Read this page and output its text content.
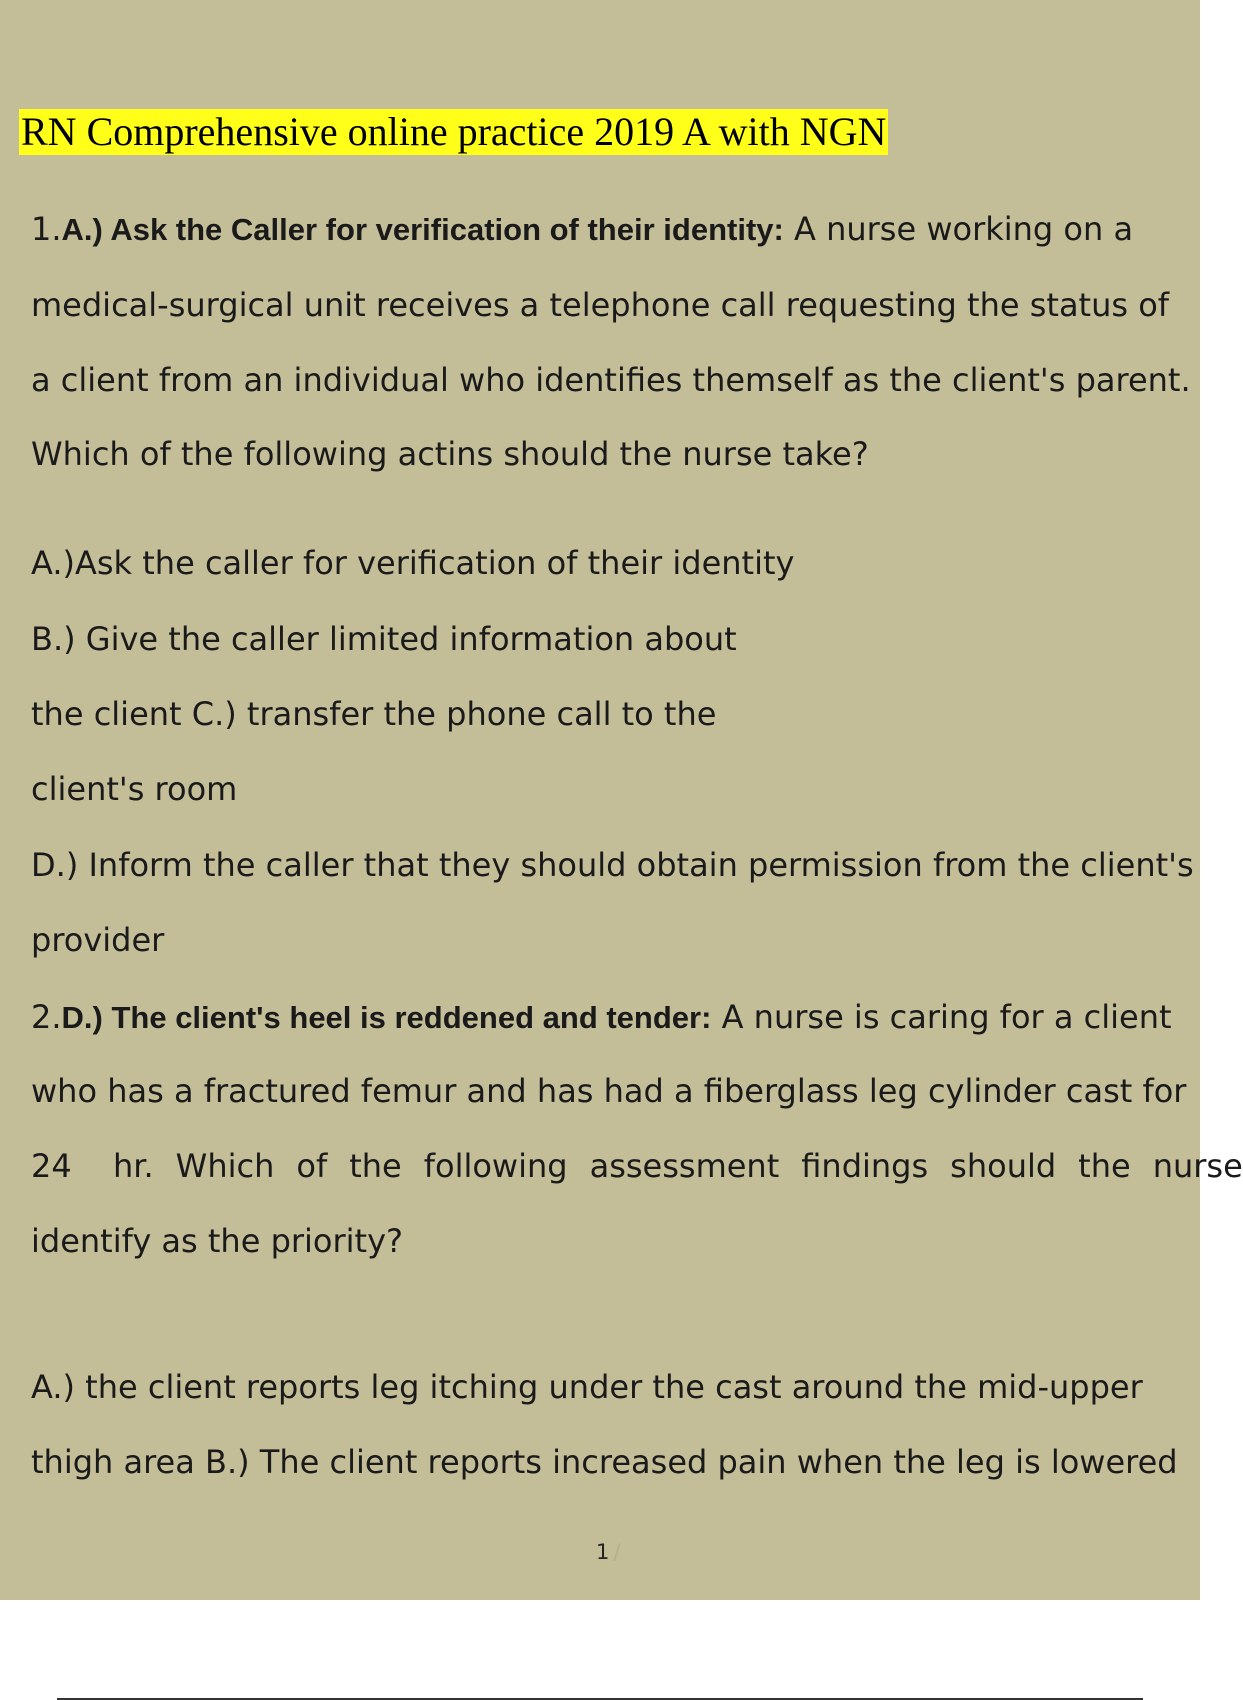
RN Comprehensive online practice 2019 A with NGN
1.A.) Ask the Caller for verification of their identity: A nurse working on a
medical-surgical unit receives a telephone call requesting the status of
a client from an individual who identifies themself as the client's parent.
Which of the following actins should the nurse take?
A.)Ask the caller for verification of their identity
B.) Give the caller limited information about
the client C.) transfer the phone call to the
client's room
D.) Inform the caller that they should obtain permission from the client's
provider
2.D.) The client's heel is reddened and tender: A nurse is caring for a client
who has a fractured femur and has had a fiberglass leg cylinder cast for
24 hr. Which of the following assessment findings should the nurse
identify as the priority?
A.) the client reports leg itching under the cast around the mid-upper
thigh area B.) The client reports increased pain when the leg is lowered
1 /
